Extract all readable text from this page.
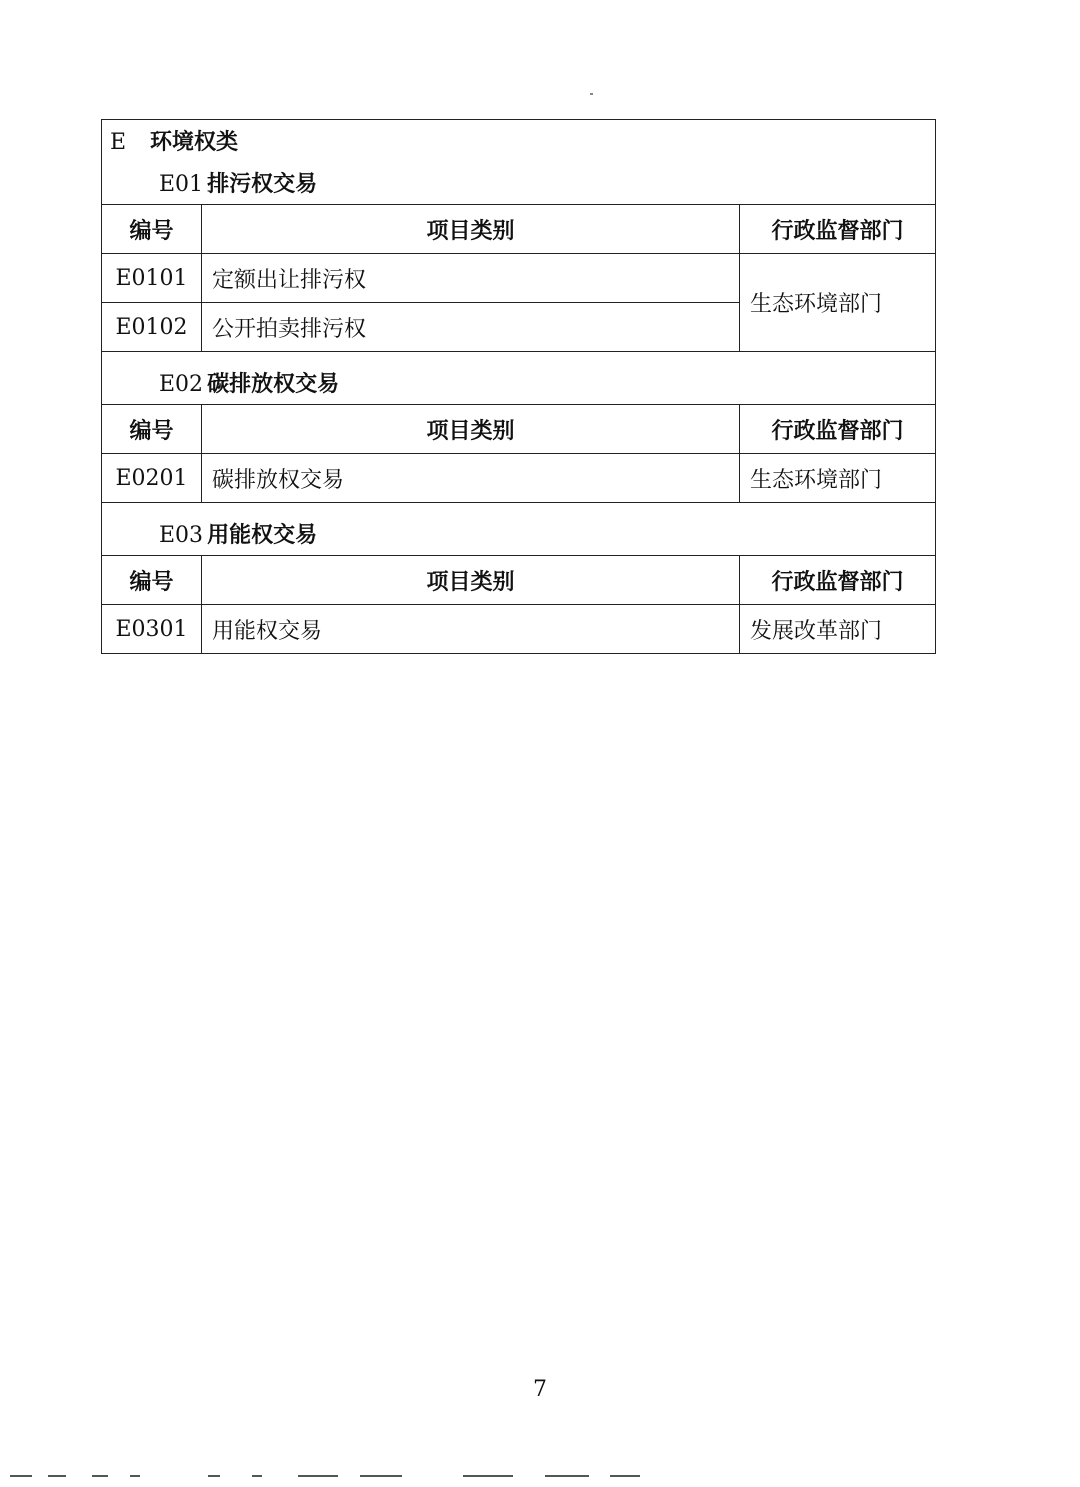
E 环境权类		
E01 排污权交易		
编号	项目类别	行政监督部门
E0101	定额出让排污权	生态环境部门
E0102	公开拍卖排污权	

E02 碳排放权交易		
编号	项目类别	行政监督部门
E0201	碳排放权交易	生态环境部门

E03 用能权交易		
编号	项目类别	行政监督部门
E0301	用能权交易	发展改革部门
7
